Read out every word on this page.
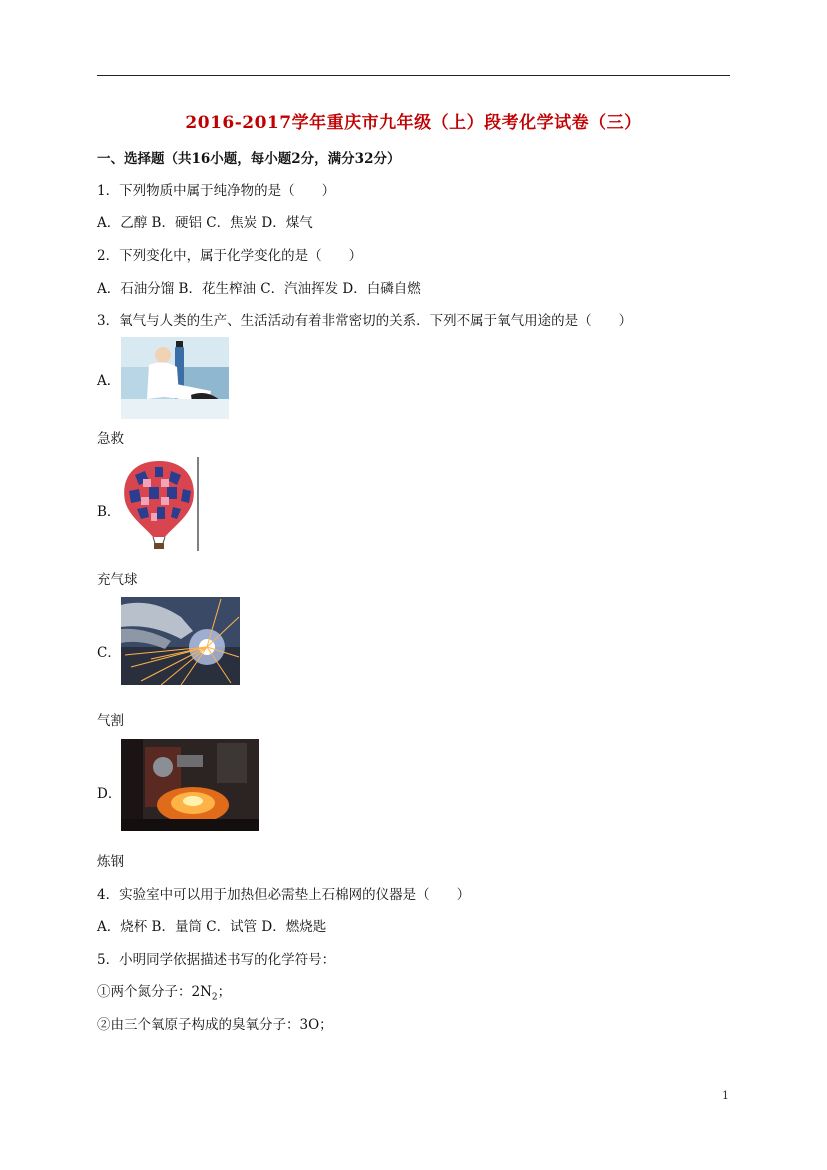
2016-2017学年重庆市九年级（上）段考化学试卷（三）
一、选择题（共16小题，每小题2分，满分32分）
1．下列物质中属于纯净物的是（　　）
A．乙醇 B．硬铝 C．焦炭 D．煤气
2．下列变化中，属于化学变化的是（　　）
A．石油分馏 B．花生榨油 C．汽油挥发 D．白磷自燃
3．氧气与人类的生产、生活活动有着非常密切的关系．下列不属于氧气用途的是（　　）
A．
急救
B．
充气球
C．
气割
D．
炼钢
4．实验室中可以用于加热但必需垫上石棉网的仪器是（　　）
A．烧杯 B．量筒 C．试管 D．燃烧匙
5．小明同学依据描述书写的化学符号：
①两个氮分子：$2N_2$；
②由三个氧原子构成的臭氧分子：3O；
1
